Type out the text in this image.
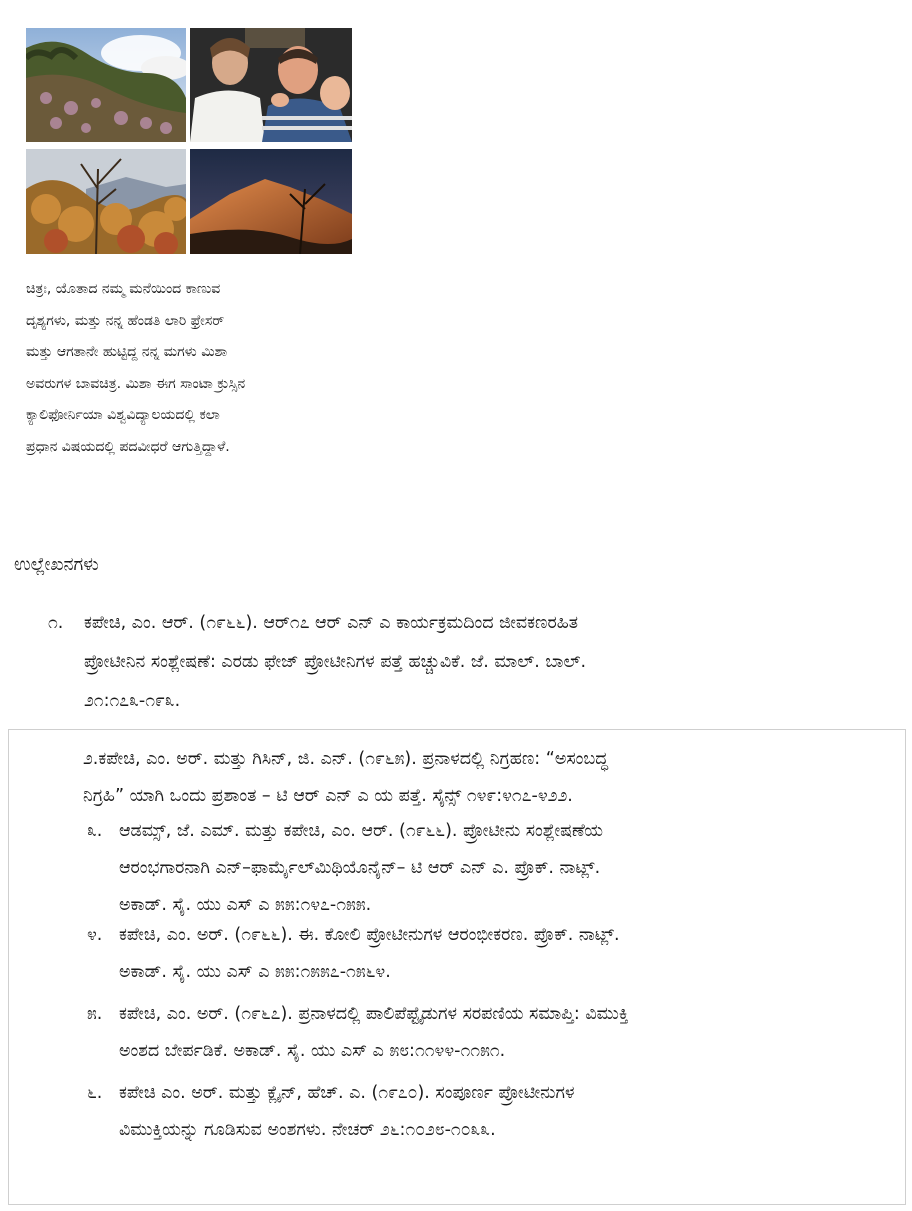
ಚಿತ್ರಃ, ಯೊತಾದ ನಮ್ಮ ಮನೆಯಿಂದ ಕಾಣುವ
ದೃಶ್ಯಗಳು, ಮತ್ತು ನನ್ನ ಹೆಂಡತಿ ಲಾರಿ ಫ್ರೇಸರ್
ಮತ್ತು ಆಗತಾನೇ ಹುಟ್ಟಿದ್ದ ನನ್ನ ಮಗಳು ಮಿಶಾ
ಅವರುಗಳ ಬಾವಚಿತ್ರ. ಮಿಶಾ ಈಗ ಸಾಂಟಾ ಕ್ರುಸ್ಸಿನ
ಕ್ಯಾಲಿಫೋರ್ನಿಯಾ ವಿಶ್ವವಿದ್ಯಾಲಯದಲ್ಲಿ ಕಲಾ
ಪ್ರಧಾನ ವಿಷಯದಲ್ಲಿ ಪದವೀಧರೆ ಆಗುತ್ತಿದ್ದಾಳೆ.
ಉಲ್ಲೇಖನಗಳು
೧.	ಕಪೇಚಿ, ಎಂ. ಆರ್. (೧೯೬೬). ಆರ್೧೭ ಆರ್ ಎನ್ ಎ ಕಾರ್ಯಕ್ರಮದಿಂದ ಜೀವಕಣರಹಿತ
ಪ್ರೋಟೀನಿನ ಸಂಶ್ಲೇಷಣೆ: ಎರಡು ಫೇಜ್ ಪ್ರೋಟೀನಿಗಳ ಪತ್ತೆ ಹಚ್ಚುವಿಕೆ. ಜೆ. ಮಾಲ್. ಬಾಲ್.
೨೧:೧೭೩-೧೯೩.
೨.ಕಪೇಚಿ, ಎಂ. ಅರ್. ಮತ್ತು ಗಿಸಿನ್, ಜಿ. ಎನ್. (೧೯೬೫). ಪ್ರನಾಳದಲ್ಲಿ ನಿಗ್ರಹಣ: “ಅಸಂಬದ್ಧ
ನಿಗ್ರಹಿ” ಯಾಗಿ ಒಂದು ಪ್ರಶಾಂತ – ಟಿ ಆರ್ ಎನ್ ಎ ಯ ಪತ್ತೆ. ಸೈನ್ಸ್ ೧೪೯:೪೧೭-೪೨೨.
೩. ಆಡಮ್ಸ್, ಜೆ. ಎಮ್. ಮತ್ತು ಕಪೇಚಿ, ಎಂ. ಆರ್. (೧೯೬೬). ಪ್ರೋಟೀನು ಸಂಶ್ಲೇಷಣೆಯ
ಆರಂಭಗಾರನಾಗಿ ಎನ್–ಫಾರ್ಮೈಲ್‌ಮಿಥಿಯೊನೈನ್– ಟಿ ಆರ್ ಎನ್ ಎ. ಪ್ರೊಕ್. ನಾಟ್ಲ್.
ಅಕಾಡ್. ಸೈ. ಯು ಎಸ್ ಎ ೫೫:೧೪೭-೧೫೫.
೪. ಕಪೇಚಿ, ಎಂ. ಅರ್. (೧೯೬೬). ಈ. ಕೋಲಿ ಪ್ರೋಟೀನುಗಳ ಆರಂಭೀಕರಣ. ಪ್ರೊಕ್. ನಾಟ್ಲ್.
ಅಕಾಡ್. ಸೈ. ಯು ಎಸ್ ಎ ೫೫:೧೫೫೭-೧೫೬೪.
೫. ಕಪೇಚಿ, ಎಂ. ಅರ್. (೧೯೬೭). ಪ್ರನಾಳದಲ್ಲಿ ಪಾಲಿಪೆಪ್ಟೈಡುಗಳ ಸರಪಣಿಯ ಸಮಾಪ್ತಿ: ವಿಮುಕ್ತಿ
ಅಂಶದ ಬೇರ್ಪಡಿಕೆ. ಅಕಾಡ್. ಸೈ. ಯು ಎಸ್ ಎ ೫೮:೧೧೪೪-೧೧೫೧.
೬. ಕಪೇಚಿ ಎಂ. ಅರ್. ಮತ್ತು ಕ್ಲೈನ್, ಹೆಚ್. ಎ. (೧೯೭೦). ಸಂಪೂರ್ಣ ಪ್ರೋಟೀನುಗಳ
ವಿಮುಕ್ತಿಯನ್ನು ಗೂಡಿಸುವ ಅಂಶಗಳು. ನೇಚರ್ ೨೬:೧೦೨೮-೧೦೩೩.
